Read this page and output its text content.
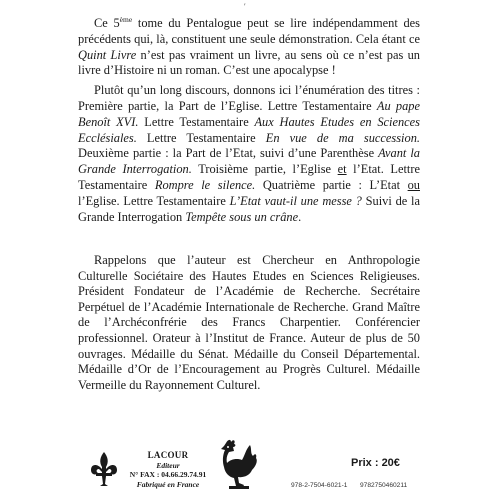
ʹ

Ce 5ème tome du Pentalogue peut se lire indépendamment des précédents qui, là, constituent une seule démonstration. Cela étant ce Quint Livre n’est pas vraiment un livre, au sens où ce n’est pas un livre d’Histoire ni un roman. C’est une apocalypse !

Plutôt qu’un long discours, donnons ici l’énumération des titres : Première partie, la Part de l’Eglise. Lettre Testamentaire Au pape Benoît XVI. Lettre Testamentaire Aux Hautes Etudes en Sciences Ecclésiales. Lettre Testamentaire En vue de ma succession. Deuxième partie : la Part de l’Etat, suivi d’une Parenthèse Avant la Grande Interrogation. Troisième partie, l’Eglise et l’Etat. Lettre Testamentaire Rompre le silence. Quatrième partie : L’Etat ou l’Eglise. Lettre Testamentaire L’Etat vaut-il une messe ? Suivi de la Grande Interrogation Tempête sous un crâne.

Rappelons que l’auteur est Chercheur en Anthropologie Culturelle Sociétaire des Hautes Etudes en Sciences Religieuses. Président Fondateur de l’Académie de Recherche. Secrétaire Perpétuel de l’Académie Internationale de Recherche. Grand Maître de l’Archéconfrérie des Francs Charpentier. Conférencier professionnel. Orateur à l’Institut de France. Auteur de plus de 50 ouvrages. Médaille du Sénat. Médaille du Conseil Départemental. Médaille d’Or de l’Encouragement au Progrès Culturel. Médaille Vermeille du Rayonnement Culturel.

LACOUR
Editeur
N° FAX : 04.66.29.74.91
Fabriqué en France
Prix : 20€
978-2-7504-6021-1 9782750460211
